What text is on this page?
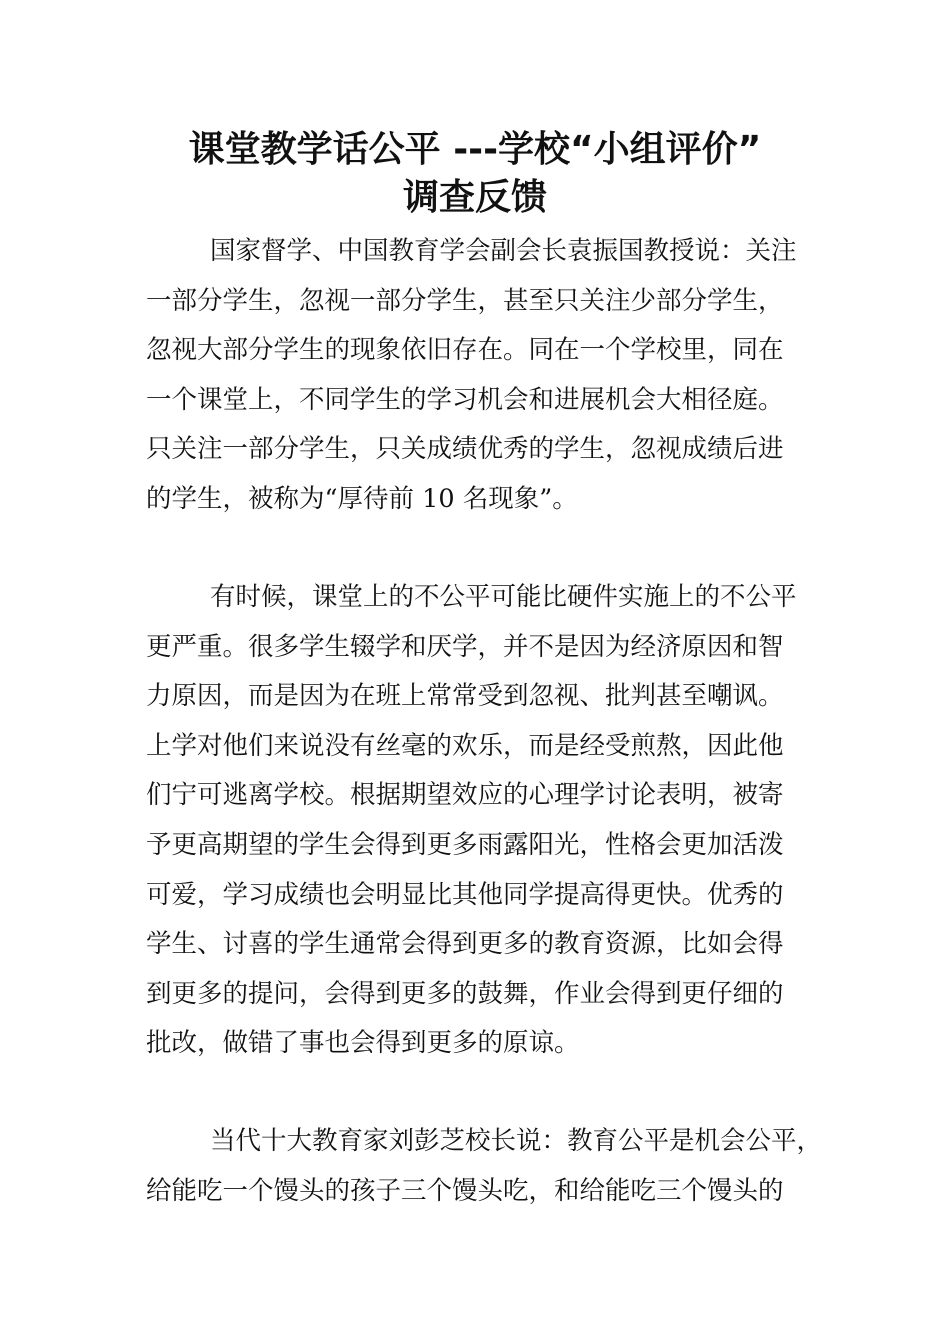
课堂教学话公平 ---学校“小组评价”
调查反馈
国家督学、中国教育学会副会长袁振国教授说：关注
一部分学生，忽视一部分学生，甚至只关注少部分学生，
忽视大部分学生的现象依旧存在。同在一个学校里，同在
一个课堂上，不同学生的学习机会和进展机会大相径庭。
只关注一部分学生，只关成绩优秀的学生，忽视成绩后进
的学生，被称为“厚待前 10 名现象”。
有时候，课堂上的不公平可能比硬件实施上的不公平
更严重。很多学生辍学和厌学，并不是因为经济原因和智
力原因，而是因为在班上常常受到忽视、批判甚至嘲讽。
上学对他们来说没有丝毫的欢乐，而是经受煎熬，因此他
们宁可逃离学校。根据期望效应的心理学讨论表明，被寄
予更高期望的学生会得到更多雨露阳光，性格会更加活泼
可爱，学习成绩也会明显比其他同学提高得更快。优秀的
学生、讨喜的学生通常会得到更多的教育资源，比如会得
到更多的提问，会得到更多的鼓舞，作业会得到更仔细的
批改，做错了事也会得到更多的原谅。
当代十大教育家刘彭芝校长说：教育公平是机会公平，
给能吃一个馒头的孩子三个馒头吃，和给能吃三个馒头的
